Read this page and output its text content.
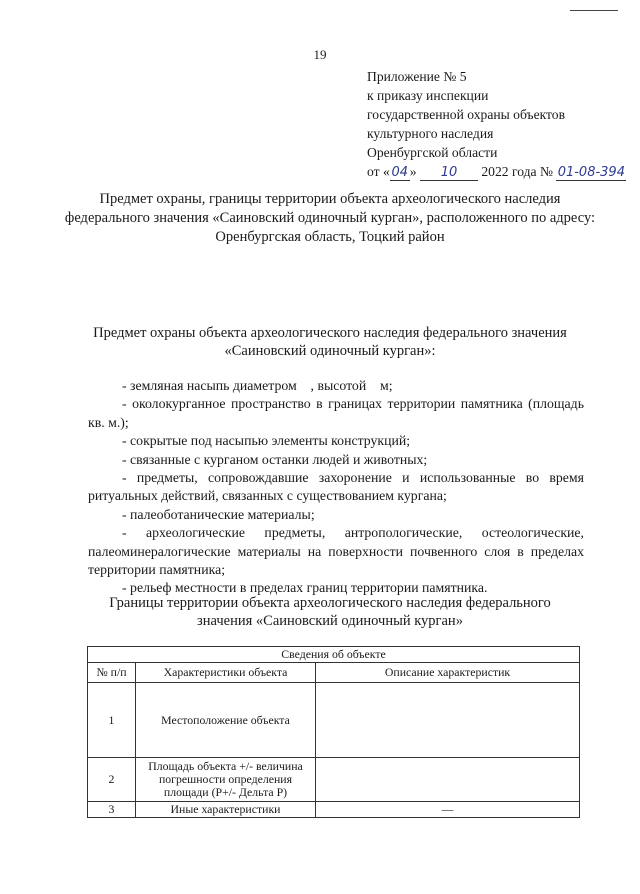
19
Приложение № 5
к приказу инспекции
государственной охраны объектов
культурного наследия
Оренбургской области
от « 04 » 10 2022 года № 01-08-394
Предмет охраны, границы территории объекта археологического наследия федерального значения «Саиновский одиночный курган», расположенного по адресу: Оренбургская область, Тоцкий район
Предмет охраны объекта археологического наследия федерального значения «Саиновский одиночный курган»:

- земляная насыпь диаметром    , высотой    м;

- околокурганное пространство в границах территории памятника (площадь               кв. м.);

- сокрытые под насыпью элементы конструкций;

- связанные с курганом останки людей и животных;

- предметы, сопровождавшие захоронение и использованные во время ритуальных действий, связанных с существованием кургана;

- палеоботанические материалы;

- археологические предметы, антропологические, остеологические, палеоминералогические материалы на поверхности почвенного слоя в пределах территории памятника;

- рельеф местности в пределах границ территории памятника.

Границы территории объекта археологического наследия федерального значения «Саиновский одиночный курган»
Сведения об объекте		
№ п/п	Характеристики объекта	Описание характеристик
1	Местоположение объекта	
2	Площадь объекта +/- величина погрешности определения площади (Р+/- Дельта Р)	
3	Иные характеристики	—
